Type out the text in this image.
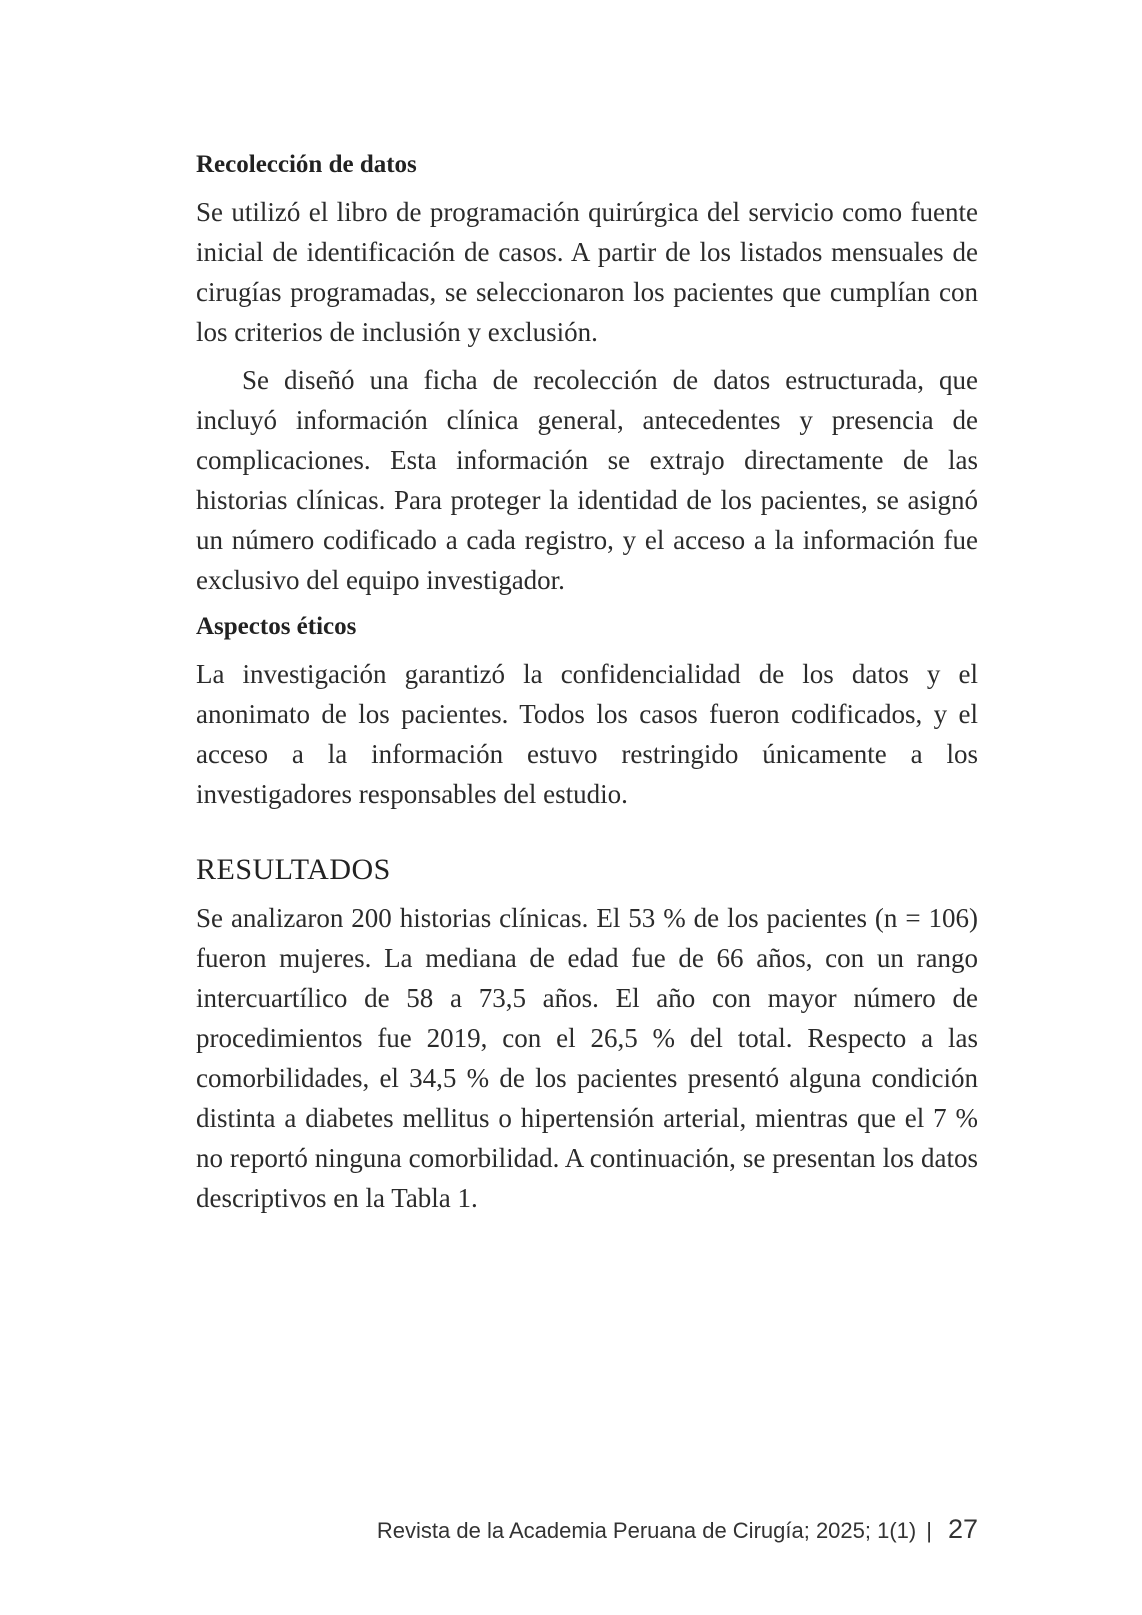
Recolección de datos

Se utilizó el libro de programación quirúrgica del servicio como fuente inicial de identificación de casos. A partir de los listados mensuales de cirugías programadas, se seleccionaron los pacientes que cumplían con los criterios de inclusión y exclusión.

Se diseñó una ficha de recolección de datos estructurada, que incluyó información clínica general, antecedentes y presencia de complicaciones. Esta información se extrajo directamente de las historias clínicas. Para proteger la identidad de los pacientes, se asignó un número codificado a cada registro, y el acceso a la información fue exclusivo del equipo investigador.

Aspectos éticos

La investigación garantizó la confidencialidad de los datos y el anonimato de los pacientes. Todos los casos fueron codificados, y el acceso a la información estuvo restringido únicamente a los investigadores responsables del estudio.

RESULTADOS

Se analizaron 200 historias clínicas. El 53 % de los pacientes (n = 106) fueron mujeres. La mediana de edad fue de 66 años, con un rango intercuartílico de 58 a 73,5 años. El año con mayor número de procedimientos fue 2019, con el 26,5 % del total. Respecto a las comorbilidades, el 34,5 % de los pacientes presentó alguna condición distinta a diabetes mellitus o hipertensión arterial, mientras que el 7 % no reportó ninguna comorbilidad. A continuación, se presentan los datos descriptivos en la Tabla 1.

Revista de la Academia Peruana de Cirugía; 2025; 1(1) | 27
